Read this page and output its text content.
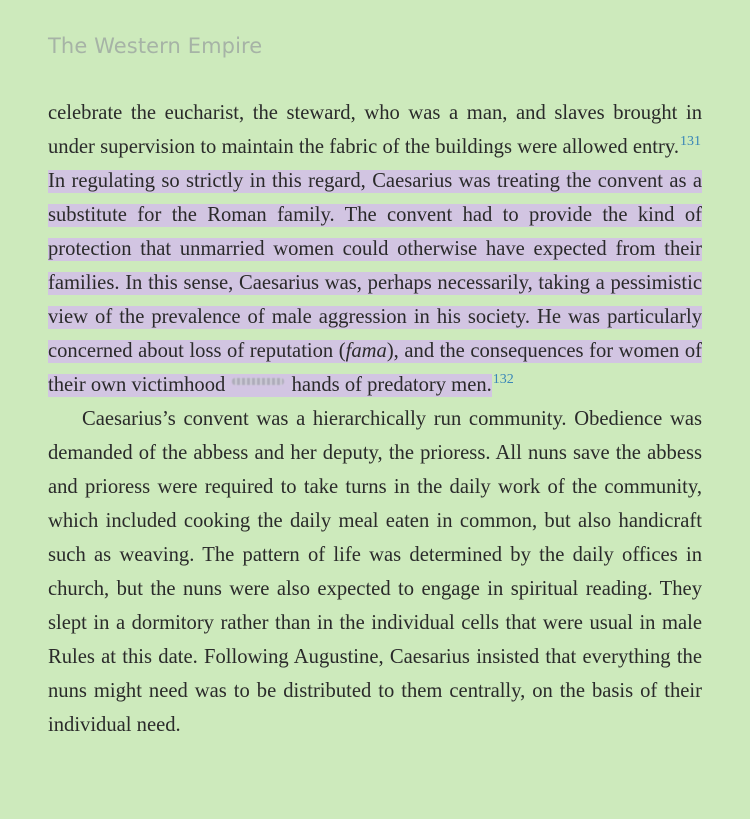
The Western Empire

celebrate the eucharist, the steward, who was a man, and slaves brought in under supervision to maintain the fabric of the buildings were allowed entry.$^{131}$ In regulating so strictly in this regard, Caesarius was treating the convent as a substitute for the Roman family. The convent had to provide the kind of protection that unmarried women could otherwise have expected from their families. In this sense, Caesarius was, perhaps necessarily, taking a pessimistic view of the prevalence of male aggression in his society. He was particularly concerned about loss of reputation (fama), and the consequences for women of their own victimhood	hands of predatory men.$^{132}$

Caesarius’s convent was a hierarchically run community. Obedience was demanded of the abbess and her deputy, the prioress. All nuns save the abbess and prioress were required to take turns in the daily work of the community, which included cooking the daily meal eaten in common, but also handicraft such as weaving. The pattern of life was determined by the daily offices in church, but the nuns were also expected to engage in spiritual reading. They slept in a dormitory rather than in the individual cells that were usual in male Rules at this date. Following Augustine, Caesarius insisted that everything the nuns might need was to be distributed to them centrally, on the basis of their individual need.
